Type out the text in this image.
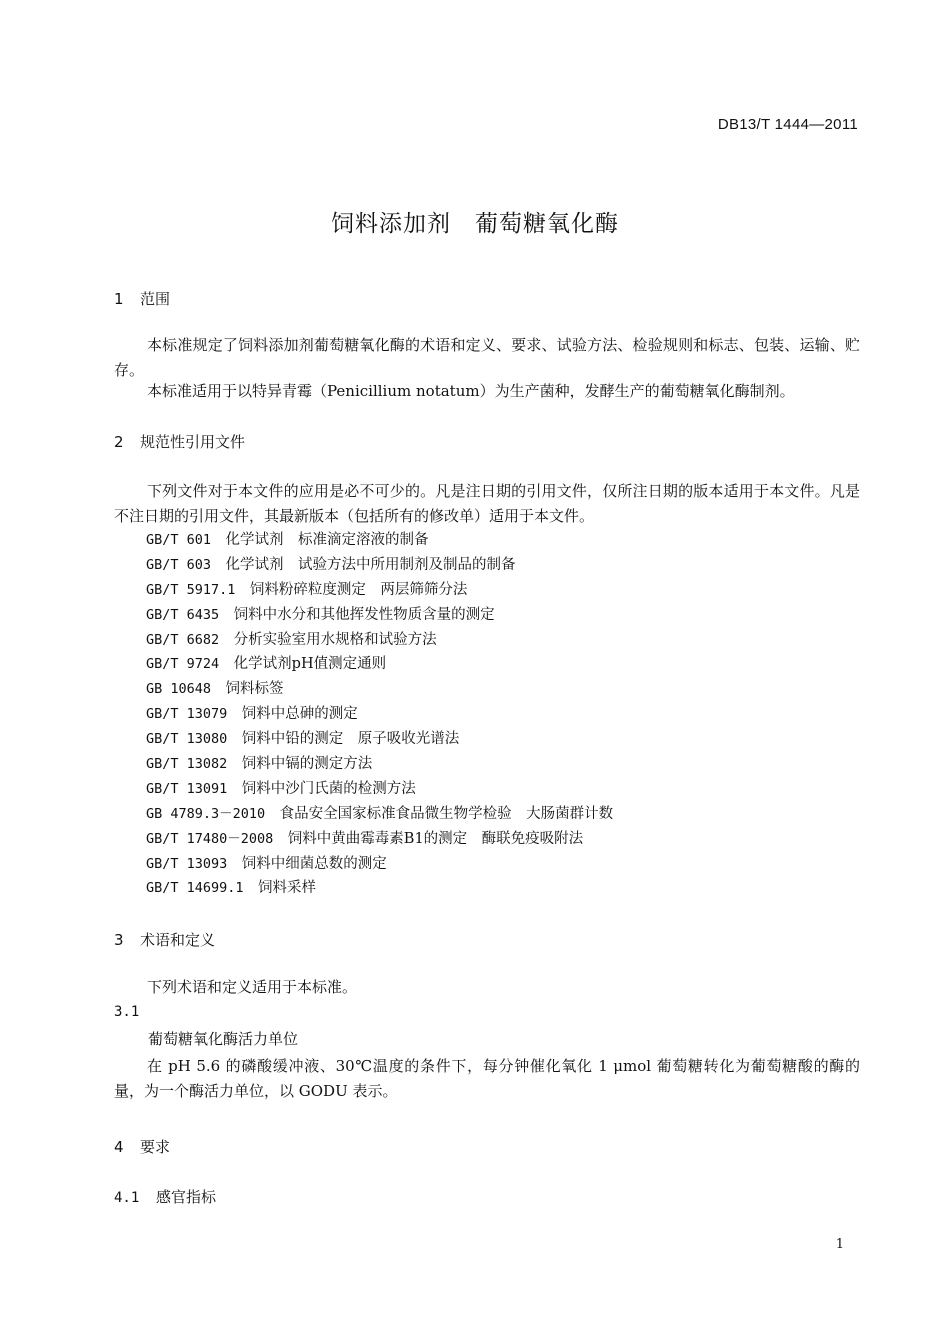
DB13/T 1444—2011
饲料添加剂　葡萄糖氧化酶
1 范围
本标准规定了饲料添加剂葡萄糖氧化酶的术语和定义、要求、试验方法、检验规则和标志、包装、运输、贮存。
本标准适用于以特异青霉（Penicillium notatum）为生产菌种，发酵生产的葡萄糖氧化酶制剂。
2 规范性引用文件
下列文件对于本文件的应用是必不可少的。凡是注日期的引用文件，仅所注日期的版本适用于本文件。凡是不注日期的引用文件，其最新版本（包括所有的修改单）适用于本文件。
GB/T 601　 化学试剂　标准滴定溶液的制备
GB/T 603　 化学试剂　试验方法中所用制剂及制品的制备
GB/T 5917.1　 饲料粉碎粒度测定　两层筛筛分法
GB/T 6435　 饲料中水分和其他挥发性物质含量的测定
GB/T 6682　 分析实验室用水规格和试验方法
GB/T 9724　 化学试剂pH值测定通则
GB 10648　 饲料标签
GB/T 13079　 饲料中总砷的测定
GB/T 13080　 饲料中铅的测定　原子吸收光谱法
GB/T 13082　 饲料中镉的测定方法
GB/T 13091　 饲料中沙门氏菌的检测方法
GB 4789.3－2010　 食品安全国家标准食品微生物学检验　大肠菌群计数
GB/T 17480－2008　 饲料中黄曲霉毒素B1的测定　酶联免疫吸附法
GB/T 13093　 饲料中细菌总数的测定
GB/T 14699.1　 饲料采样
3 术语和定义
下列术语和定义适用于本标准。
3.1
葡萄糖氧化酶活力单位
在 pH 5.6 的磷酸缓冲液、30℃温度的条件下，每分钟催化氧化 1 μmol 葡萄糖转化为葡萄糖酸的酶的量，为一个酶活力单位，以 GODU 表示。
4 要求
4.1 感官指标
1
